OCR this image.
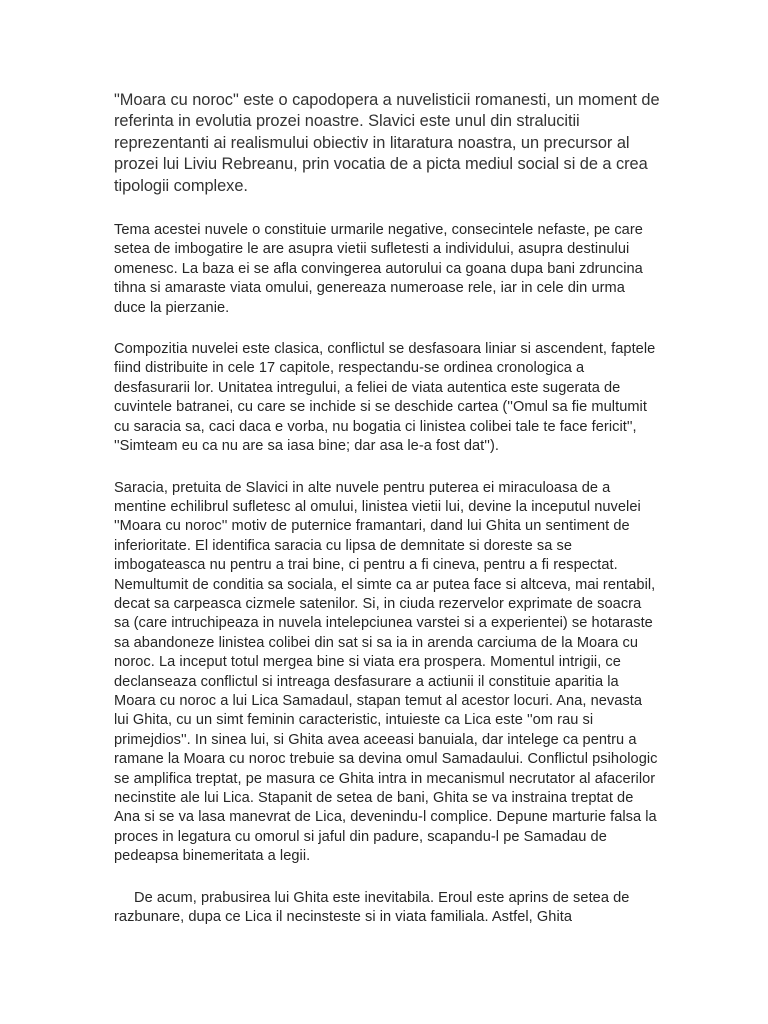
"Moara cu noroc" este o capodopera a nuvelisticii romanesti, un moment de referinta in evolutia prozei noastre. Slavici este unul din stralucitii reprezentanti ai realismului obiectiv in litaratura noastra, un precursor al prozei lui Liviu Rebreanu, prin vocatia de a picta mediul social si de a crea tipologii complexe.

Tema acestei nuvele o constituie urmarile negative, consecintele nefaste, pe care setea de imbogatire le are asupra vietii sufletesti a individului, asupra destinului omenesc. La baza ei se afla convingerea autorului ca goana dupa bani zdruncina tihna si amaraste viata omului, genereaza numeroase rele, iar in cele din urma duce la pierzanie.

Compozitia nuvelei este clasica, conflictul se desfasoara liniar si ascendent, faptele fiind distribuite in cele 17 capitole, respectandu-se ordinea cronologica a desfasurarii lor. Unitatea intregului, a feliei de viata autentica este sugerata de cuvintele batranei, cu care se inchide si se deschide cartea (''Omul sa fie multumit cu saracia sa, caci daca e vorba, nu bogatia ci linistea colibei tale te face fericit'', ''Simteam eu ca nu are sa iasa bine; dar asa le-a fost dat'').

Saracia, pretuita de Slavici in alte nuvele pentru puterea ei miraculoasa de a mentine echilibrul sufletesc al omului, linistea vietii lui, devine la inceputul nuvelei ''Moara cu noroc'' motiv de puternice framantari, dand lui Ghita un sentiment de inferioritate. El identifica saracia cu lipsa de demnitate si doreste sa se imbogateasca nu pentru a trai bine, ci pentru a fi cineva, pentru a fi respectat. Nemultumit de conditia sa sociala, el simte ca ar putea face si altceva, mai rentabil, decat sa carpeasca cizmele satenilor. Si, in ciuda rezervelor exprimate de soacra sa (care intruchipeaza in nuvela intelepciunea varstei si a experientei) se hotaraste sa abandoneze linistea colibei din sat si sa ia in arenda carciuma de la Moara cu noroc. La inceput totul mergea bine si viata era prospera. Momentul intrigii, ce declanseaza conflictul si intreaga desfasurare a actiunii il constituie aparitia la Moara cu noroc a lui Lica Samadaul, stapan temut al acestor locuri. Ana, nevasta lui Ghita, cu un simt feminin caracteristic, intuieste ca Lica este ''om rau si primejdios''. In sinea lui, si Ghita avea aceeasi banuiala, dar intelege ca pentru a ramane la Moara cu noroc trebuie sa devina omul Samadaului. Conflictul psihologic se amplifica treptat, pe masura ce Ghita intra in mecanismul necrutator al afacerilor necinstite ale lui Lica. Stapanit de setea de bani, Ghita se va instraina treptat de Ana si se va lasa manevrat de Lica, devenindu-l complice. Depune marturie falsa la proces in legatura cu omorul si jaful din padure, scapandu-l pe Samadau de pedeapsa binemeritata a legii.

De acum, prabusirea lui Ghita este inevitabila. Eroul este aprins de setea de razbunare, dupa ce Lica il necinsteste si in viata familiala. Astfel, Ghita
